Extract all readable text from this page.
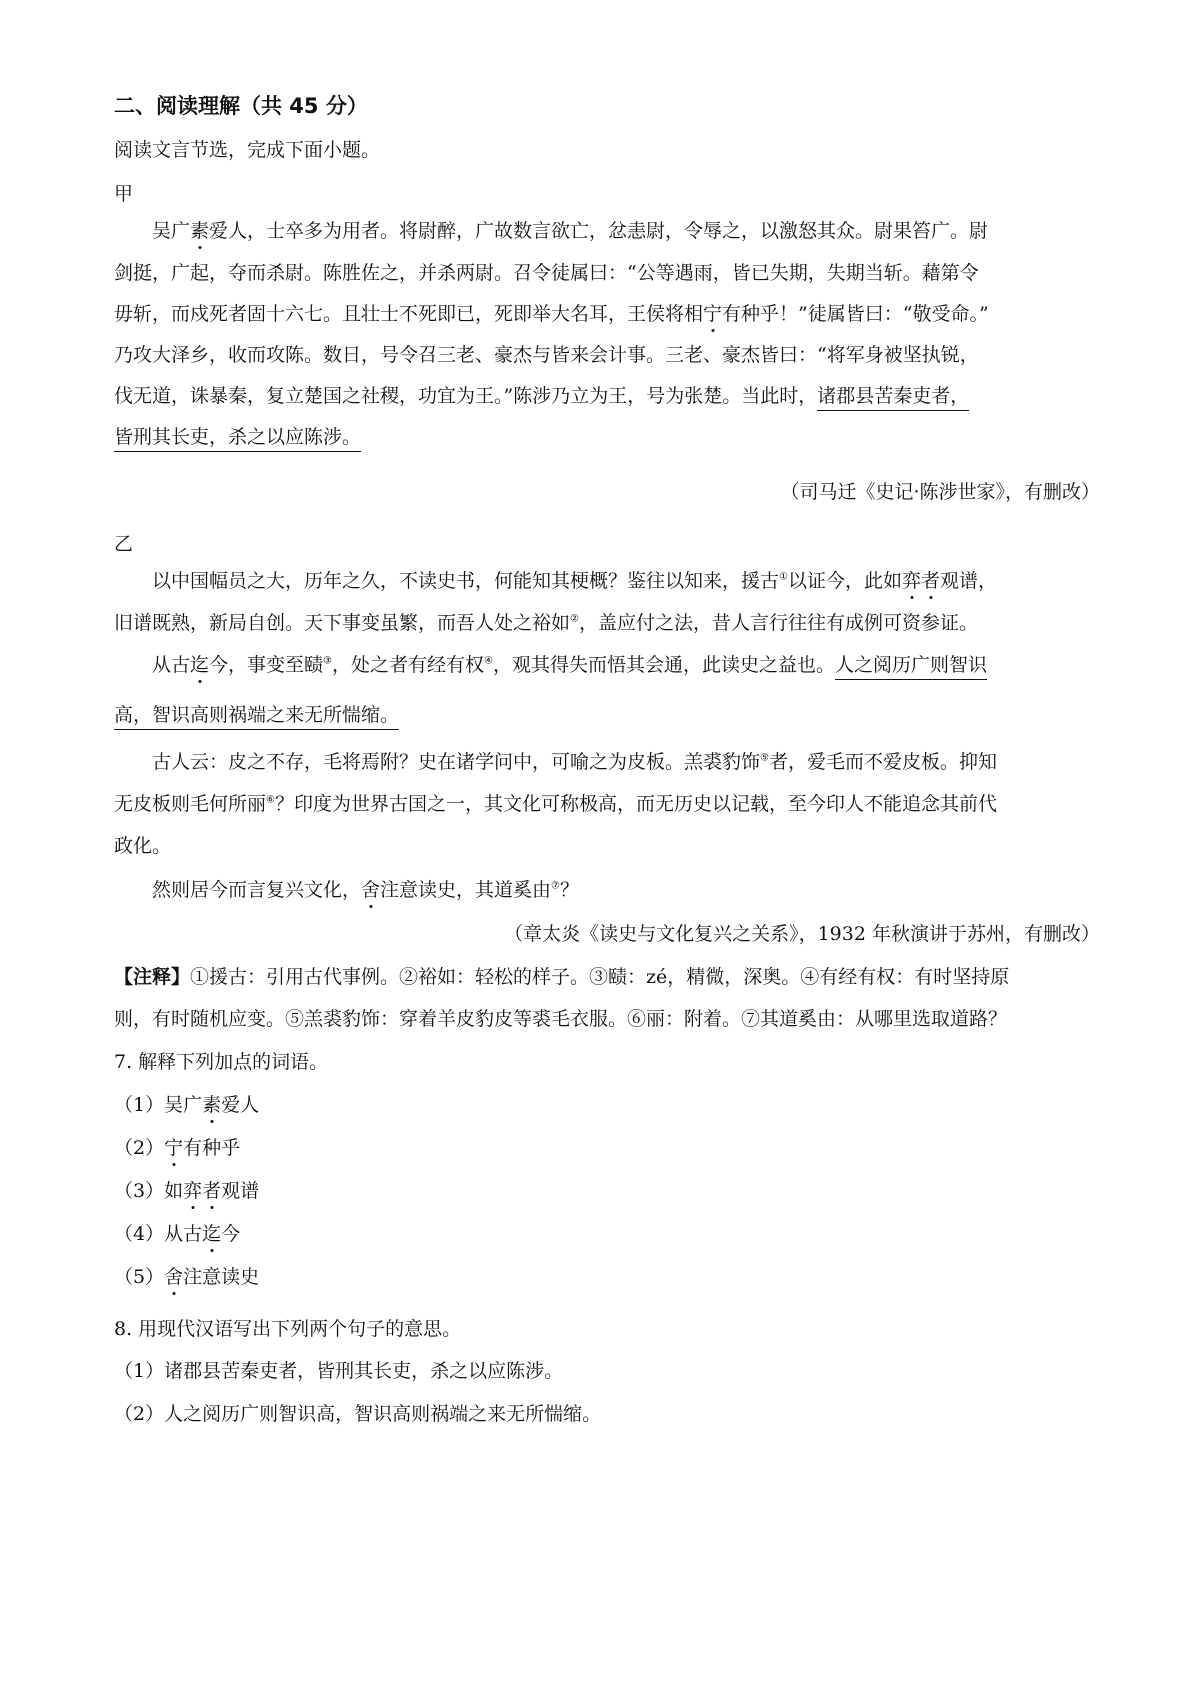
二、阅读理解（共 45 分）
阅读文言节选，完成下面小题。
甲
吴广素爱人，士卒多为用者。将尉醉，广故数言欲亡，忿恚尉，令辱之，以激怒其众。尉果笞广。尉
剑挺，广起，夺而杀尉。陈胜佐之，并杀两尉。召令徒属曰：“公等遇雨，皆已失期，失期当斩。藉第令
毋斩，而戍死者固十六七。且壮士不死即已，死即举大名耳，王侯将相宁有种乎！”徒属皆曰：“敬受命。”
乃攻大泽乡，收而攻陈。数日，号令召三老、豪杰与皆来会计事。三老、豪杰皆曰：“将军身被坚执锐，
伐无道，诛暴秦，复立楚国之社稷，功宜为王。”陈涉乃立为王，号为张楚。当此时，诸郡县苦秦吏者，
皆刑其长吏，杀之以应陈涉。
（司马迁《史记·陈涉世家》，有删改）
乙
以中国幅员之大，历年之久，不读史书，何能知其梗概？鉴往以知来，援古①以证今，此如弈者观谱，
旧谱既熟，新局自创。天下事变虽繁，而吾人处之裕如②，盖应付之法，昔人言行往往有成例可资参证。
从古迄今，事变至赜③，处之者有经有权④，观其得失而悟其会通，此读史之益也。人之阅历广则智识
高，智识高则祸端之来无所惴缩。
古人云：皮之不存，毛将焉附？史在诸学问中，可喻之为皮板。羔裘豹饰⑤者，爱毛而不爱皮板。抑知
无皮板则毛何所丽⑥？印度为世界古国之一，其文化可称极高，而无历史以记载，至今印人不能追念其前代
政化。
然则居今而言复兴文化，舍注意读史，其道奚由⑦？
（章太炎《读史与文化复兴之关系》，1932 年秋演讲于苏州，有删改）
【注释】①援古：引用古代事例。②裕如：轻松的样子。③赜：zé，精微，深奥。④有经有权：有时坚持原
则，有时随机应变。⑤羔裘豹饰：穿着羊皮豹皮等裘毛衣服。⑥丽：附着。⑦其道奚由：从哪里选取道路？
7. 解释下列加点的词语。
（1）吴广素爱人
（2）宁有种乎
（3）如弈者观谱
（4）从古迄今
（5）舍注意读史
8. 用现代汉语写出下列两个句子的意思。
（1）诸郡县苦秦吏者，皆刑其长吏，杀之以应陈涉。
（2）人之阅历广则智识高，智识高则祸端之来无所惴缩。
